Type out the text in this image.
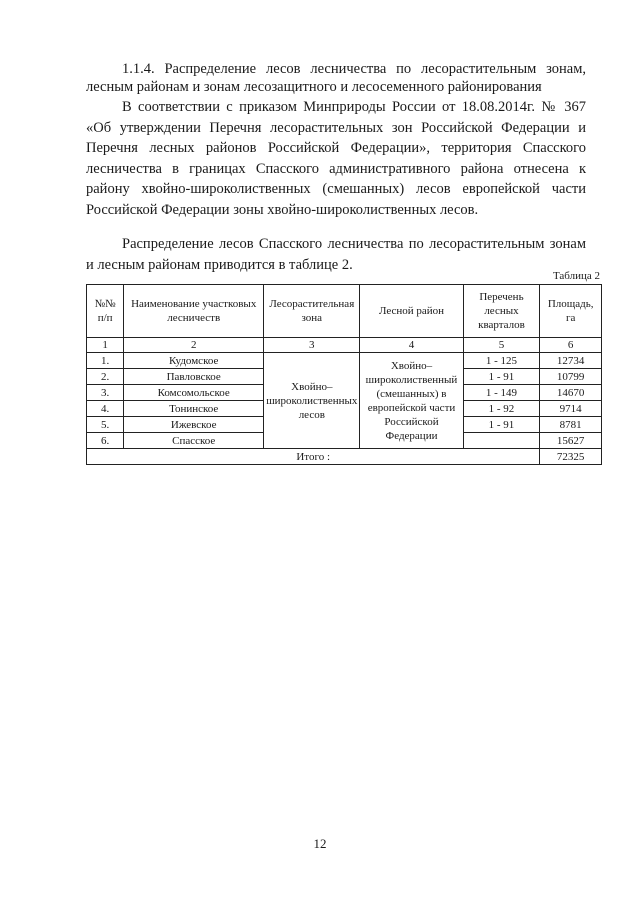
1.1.4. Распределение лесов лесничества по лесорастительным зонам, лесным районам и зонам лесозащитного и лесосеменного районирования
В соответствии с приказом Минприроды России от 18.08.2014г. № 367 «Об утверждении Перечня лесорастительных зон Российской Федерации и Перечня лесных районов Российской Федерации», территория Спасского лесничества в границах Спасского административного района отнесена к району хвойно-широколиственных (смешанных) лесов европейской части Российской Федерации зоны хвойно-широколиственных лесов.
Распределение лесов Спасского лесничества по лесорастительным зонам и лесным районам приводится в таблице 2.
Таблица 2
№№ п/п	Наименование участковых лесничеств	Лесорастительная зона	Лесной район	Перечень лесных кварталов	Площадь, га
1	2	3	4	5	6
1.	Кудомское	Хвойно–широколиственных лесов	Хвойно–широколиственный (смешанных) в европейской части Российской Федерации	1 - 125	12734
2.	Павловское			1 - 91	10799
3.	Комсомольское			1 - 149	14670
4.	Тонинское			1 - 92	9714
5.	Ижевское			1 - 91	8781
6.	Спасское				15627
Итого :					72325
12
